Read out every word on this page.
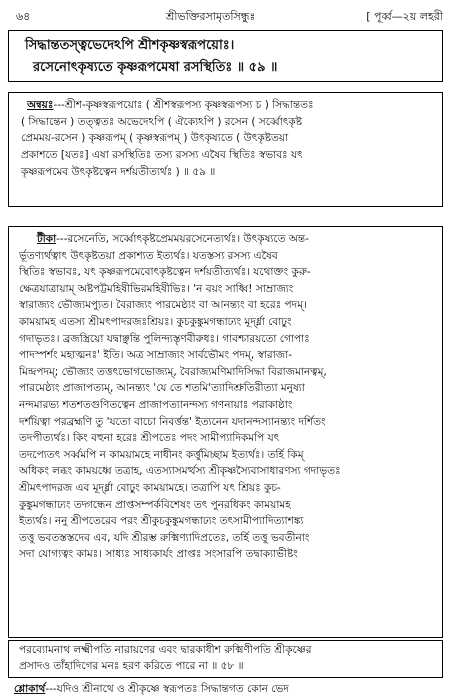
৬৪	শ্রীভক্তিরসামৃতসিন্ধুঃ	[ পূর্ব্ব—২য় লহরী
সিদ্ধান্ততস্ত্বভেদেঽপি শ্রীশকৃষ্ণস্বরূপয়োঃ।
রসেনোৎকৃষ্যতে কৃষ্ণরূপমেষা রসস্থিতিঃ ॥ ৫৯ ॥
অন্বয়ঃ---শ্রীশ-কৃষ্ণস্বরূপয়োঃ ( শ্রীশস্বরূপস্য কৃষ্ণস্বরূপস্য চ ) সিদ্ধান্ততঃ
( সিদ্ধান্তেন ) তত্ত্বতঃ অভেদেঽপি ( ঐক্যেঽপি ) রসেন ( সর্ব্বোৎকৃষ্ট
প্রেমময়-রসেন ) কৃষ্ণরূপম্ ( কৃষ্ণস্বরূপম্ ) উৎকৃষ্যতে ( উৎকৃষ্টতয়া
প্রকাশতে [যতঃ] এষা রসস্থিতিঃ তস্য রসস্য এষৈব স্থিতিঃ স্বভাবঃ যৎ
কৃষ্ণরূপমেব উৎকৃষ্টত্বেন দর্শয়তীত্যর্থঃ ) ॥ ৫৯ ॥
টীকা---রসেনেতি, সর্ব্বোৎকৃষ্টপ্রেমময়রসেনেত্যর্থঃ। উৎকৃষ্যতে অন্ত-
র্ভূতণ্যর্থত্বাৎ উৎকৃষ্টতয়া প্রকাশ্যত ইত্যর্থঃ। যতস্তস্য রসস্য এষৈব
স্থিতিঃ স্বভাবঃ, যৎ কৃষ্ণরূপমেবোৎকৃষ্টত্বেন দর্শয়তীত্যর্থঃ। যথোক্তং কুরু-
ক্ষেত্রযাত্রায়াম্ অষ্টপট্টমহিষীভিরমহিষীভিঃ। 'ন বয়ং সাধ্বি! সাম্রাজ্যং
স্বারাজ্যং ভৌজ্যমপ্যুত। বৈরাজ্যং পারমেষ্ঠ্যং বা আনন্ত্যং বা হরেঃ পদম্।
কাময়ামহ এতস্য শ্রীমৎপাদরজঃশ্রিয়ঃ। কুচকুঙ্কুমগন্ধাঢ্যং মূর্দ্ধ্না বোঢ়ুং
গদাভৃতঃ। ব্রজস্ত্রিয়ো যদ্বাঞ্ছন্তি পুলিন্দ্যস্তৃণবীরুধঃ। গাবশ্চারয়তো গোপাঃ
পাদস্পর্শং মহাত্মনঃ' ইতি। অত্র সাম্রাজ্যং সার্বভৌমং পদম্, স্বারাজা-
মিন্দ্রপদম্; ভৌজ্যং তত্তৎভোগভোজ্যম্, বৈরাজ্যমণিমাদিসিদ্ধা বিরাজমানত্বম্,
পারমেষ্ঠ্যং প্রাজাপত্যম্, আনন্ত্যং 'যে তে শতমি'ত্যাদিশ্রুতিরীত্যা মনুষ্যা
নন্দমারভ্য শতশতগুণিতত্বেন প্রাজাপত্যানন্দস্য গণনায়াঃ পরাকাষ্ঠাং
দর্শয়িত্বা পরব্রহ্মণি তু 'যতো বাচো নিবর্ত্তন্ত' ইত্যনেন যদানন্দস্যানন্ত্যং দর্শিতং
তদপীত্যর্থঃ। কিং বহুনা হরেঃ শ্রীপতেঃ পদং সামীপ্যাদিকমপি যৎ
তদপ্যেতৎ সর্ব্বমপি ন কাময়ামহে নাধীনং কর্ত্তুমিচ্ছাম ইত্যর্থঃ। তর্হি কিম্
অধিকং লব্ধং কাময়ধ্বে তত্রাহ, এতস্যাসমর্ত্থস্য শ্রীকৃষ্ণস্যৈবাসাধারণস্য গদাভৃতঃ
শ্রীমৎপাদরজ এব মূর্দ্ধ্না বোঢ়ুং কাময়ামহে। তত্রাপি যৎ শ্রিয়ঃ কুচ-
কুঙ্কুমগন্ধাঢ্যং তদ্গন্ধেন প্রাপ্তসম্পর্কবিশেষং তৎ পুনরধিকং কাময়ামহ
ইত্যর্থঃ। ননু শ্রীপতেরেব পরং শ্রীকুচকুঙ্কুমগন্ধাঢ্যং তৎসামীপ্যাদিত্যাশঙ্ক্য
তত্তু ভবতস্তস্তদেব এব, যদি শ্রীরম্ভ রুক্মিণ্যাদিপ্রতেঃ, তর্হি তত্তু ভবতীনাং
সদা যোগ্যত্বং কামঃ। সাধ্যঃ সাধ্যকার্যং প্রাপ্তঃ সংসারপি তদ্বাক্যাভীষ্টং
পরব্যোমনাথ লক্ষ্মীপতি নারায়ণের এবং দ্বারকাধীশ রুক্মিণীপতি শ্রীকৃষ্ণের
প্রসাদও তাঁহাদিগের মনঃ হরণ করিতে পারে না ॥ ৫৮ ॥
শ্লোকার্থ---যদিও শ্রীনাথে ও শ্রীকৃষ্ণে স্বরূপতঃ সিদ্ধান্তগত কোন ভেদ
